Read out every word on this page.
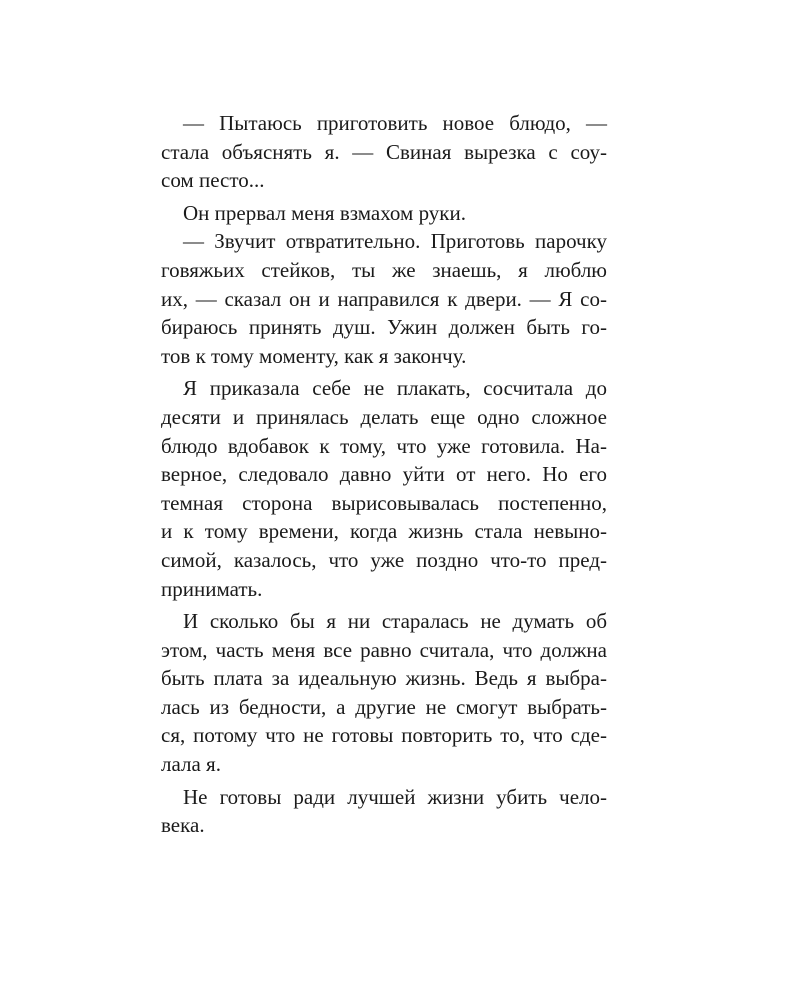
— Пытаюсь приготовить новое блюдо, —
стала объяснять я. — Свиная вырезка с соу-
сом песто...
Он прервал меня взмахом руки.
— Звучит отвратительно. Приготовь парочку
говяжьих стейков, ты же знаешь, я люблю
их, — сказал он и направился к двери. — Я со-
бираюсь принять душ. Ужин должен быть го-
тов к тому моменту, как я закончу.
Я приказала себе не плакать, сосчитала до
десяти и принялась делать еще одно сложное
блюдо вдобавок к тому, что уже готовила. На-
верное, следовало давно уйти от него. Но его
темная сторона вырисовывалась постепенно,
и к тому времени, когда жизнь стала невыно-
симой, казалось, что уже поздно что-то пред-
принимать.
И сколько бы я ни старалась не думать об
этом, часть меня все равно считала, что должна
быть плата за идеальную жизнь. Ведь я выбра-
лась из бедности, а другие не смогут выбрать-
ся, потому что не готовы повторить то, что сде-
лала я.
Не готовы ради лучшей жизни убить чело-
века.
